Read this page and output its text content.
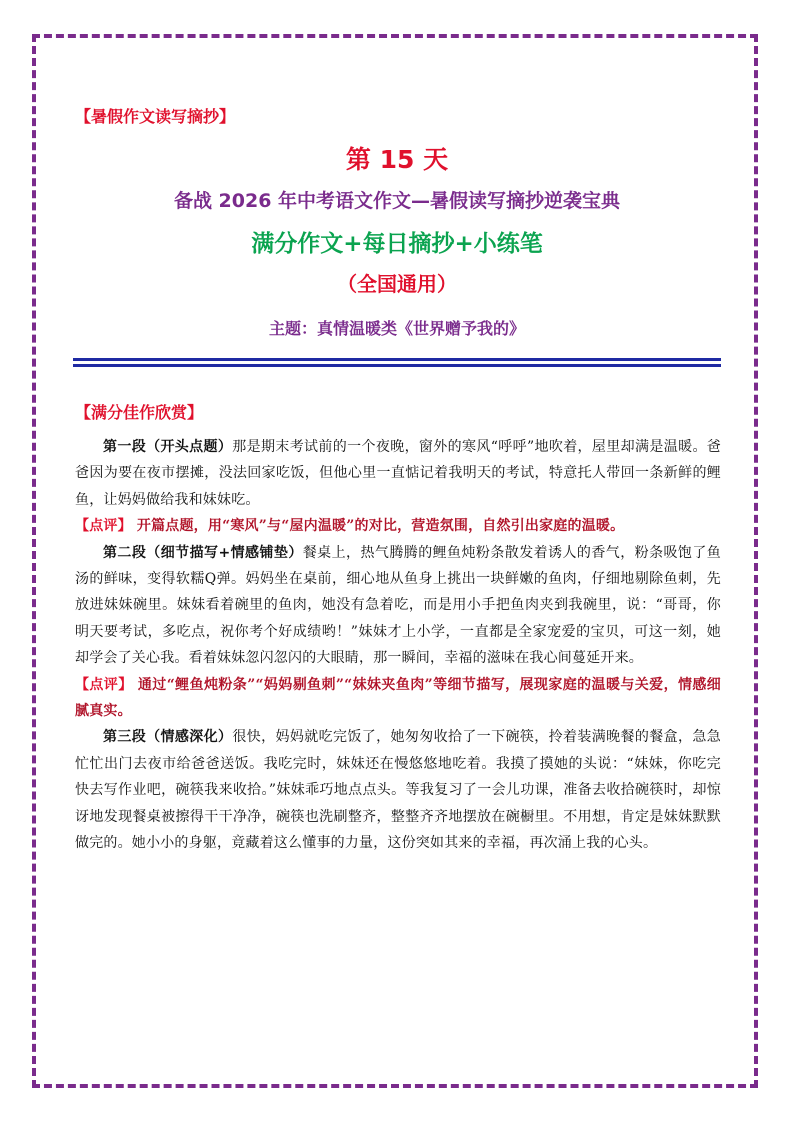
【暑假作文读写摘抄】
第 15 天
备战 2026 年中考语文作文—暑假读写摘抄逆袭宝典
满分作文+每日摘抄+小练笔
（全国通用）
主题：真情温暖类《世界赠予我的》
【满分佳作欣赏】

第一段（开头点题）那是期末考试前的一个夜晚，窗外的寒风“呼呼”地吹着，屋里却满是温暖。爸爸因为要在夜市摆摊，没法回家吃饭，但他心里一直惦记着我明天的考试，特意托人带回一条新鲜的鲤鱼，让妈妈做给我和妹妹吃。

【点评】 开篇点题，用“寒风”与“屋内温暖”的对比，营造氛围，自然引出家庭的温暖。

第二段（细节描写+情感铺垫）餐桌上，热气腾腾的鲤鱼炖粉条散发着诱人的香气，粉条吸饱了鱼汤的鲜味，变得软糯Q弹。妈妈坐在桌前，细心地从鱼身上挑出一块鲜嫩的鱼肉，仔细地剔除鱼刺，先放进妹妹碗里。妹妹看着碗里的鱼肉，她没有急着吃，而是用小手把鱼肉夹到我碗里，说：“哥哥，你明天要考试，多吃点，祝你考个好成绩哟！”妹妹才上小学，一直都是全家宠爱的宝贝，可这一刻，她却学会了关心我。看着妹妹忽闪忽闪的大眼睛，那一瞬间，幸福的滋味在我心间蔓延开来。

【点评】 通过“鲤鱼炖粉条”“妈妈剔鱼刺”“妹妹夹鱼肉”等细节描写，展现家庭的温暖与关爱，情感细腻真实。

第三段（情感深化）很快，妈妈就吃完饭了，她匆匆收拾了一下碗筷，拎着装满晚餐的餐盒，急急忙忙出门去夜市给爸爸送饭。我吃完时，妹妹还在慢悠悠地吃着。我摸了摸她的头说：“妹妹，你吃完快去写作业吧，碗筷我来收拾。”妹妹乖巧地点点头。等我复习了一会儿功课，准备去收拾碗筷时，却惊讶地发现餐桌被擦得干干净净，碗筷也洗刷整齐，整整齐齐地摆放在碗橱里。不用想，肯定是妹妹默默做完的。她小小的身躯，竟藏着这么懂事的力量，这份突如其来的幸福，再次涌上我的心头。
